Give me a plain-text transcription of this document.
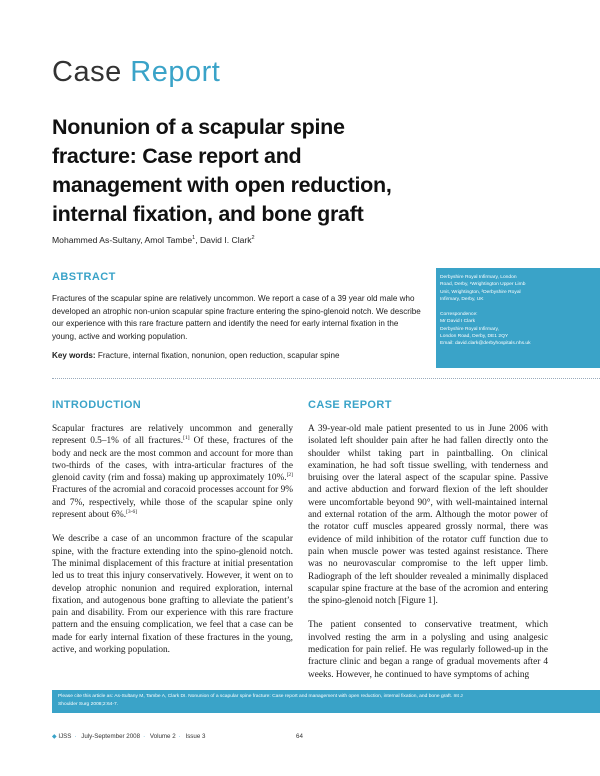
Case Report
Nonunion of a scapular spine fracture: Case report and management with open reduction, internal fixation, and bone graft
Mohammed As-Sultany, Amol Tambe$^1$, David I. Clark$^2$
ABSTRACT
Fractures of the scapular spine are relatively uncommon. We report a case of a 39 year old male who developed an atrophic non-union scapular spine fracture entering the spino-glenoid notch. We describe our experience with this rare fracture pattern and identify the need for early internal fixation in the young, active and working population.
Key words: Fracture, internal fixation, nonunion, open reduction, scapular spine
Derbyshire Royal Infirmary, London
Road, Derby, ¹Wrightington Upper Limb
Unit, Wrightington, ²Derbyshire Royal
Infirmary, Derby, UK
Correspondence:
Mr David I Clark
Derbyshire Royal Infirmary,
London Road, Derby, DE1 2QY
Email: david.clark@derbyhospitals.nhs.uk
INTRODUCTION	CASE REPORT

Scapular fractures are relatively uncommon and generally represent 0.5–1% of all fractures.[1] Of these, fractures of the body and neck are the most common and account for more than two-thirds of the cases, with intra-articular fractures of the glenoid cavity (rim and fossa) making up approximately 10%.[2] Fractures of the acromial and coracoid processes account for 9% and 7%, respectively, while those of the scapular spine only represent about 6%.[3-6]

We describe a case of an uncommon fracture of the scapular spine, with the fracture extending into the spino-glenoid notch. The minimal displacement of this fracture at initial presentation led us to treat this injury conservatively. However, it went on to develop atrophic nonunion and required exploration, internal fixation, and autogenous bone grafting to alleviate the patient’s pain and disability. From our experience with this rare fracture pattern and the ensuing complication, we feel that a case can be made for early internal fixation of these fractures in the young, active, and working population.

A 39-year-old male patient presented to us in June 2006 with isolated left shoulder pain after he had fallen directly onto the shoulder whilst taking part in paintballing. On clinical examination, he had soft tissue swelling, with tenderness and bruising over the lateral aspect of the scapular spine. Passive and active abduction and forward flexion of the left shoulder were uncomfortable beyond 90°, with well-maintained internal and external rotation of the arm. Although the motor power of the rotator cuff muscles appeared grossly normal, there was evidence of mild inhibition of the rotator cuff function due to pain when muscle power was tested against resistance. There was no neurovascular compromise to the left upper limb. Radiograph of the left shoulder revealed a minimally displaced scapular spine fracture at the base of the acromion and entering the spino-glenoid notch [Figure 1].

The patient consented to conservative treatment, which involved resting the arm in a polysling and using analgesic medication for pain relief. He was regularly followed-up in the fracture clinic and began a range of gradual movements after 4 weeks. However, he continued to have symptoms of aching

Please cite this article as: As-Sultany M, Tambe A, Clark DI. Nonunion of a scapular spine fracture: Case report and management with open reduction, internal fixation, and bone graft. Int J
Shoulder Surg 2008;2:64-7.
◆ IJSS · July-September 2008 · Volume 2 · Issue 3	64
